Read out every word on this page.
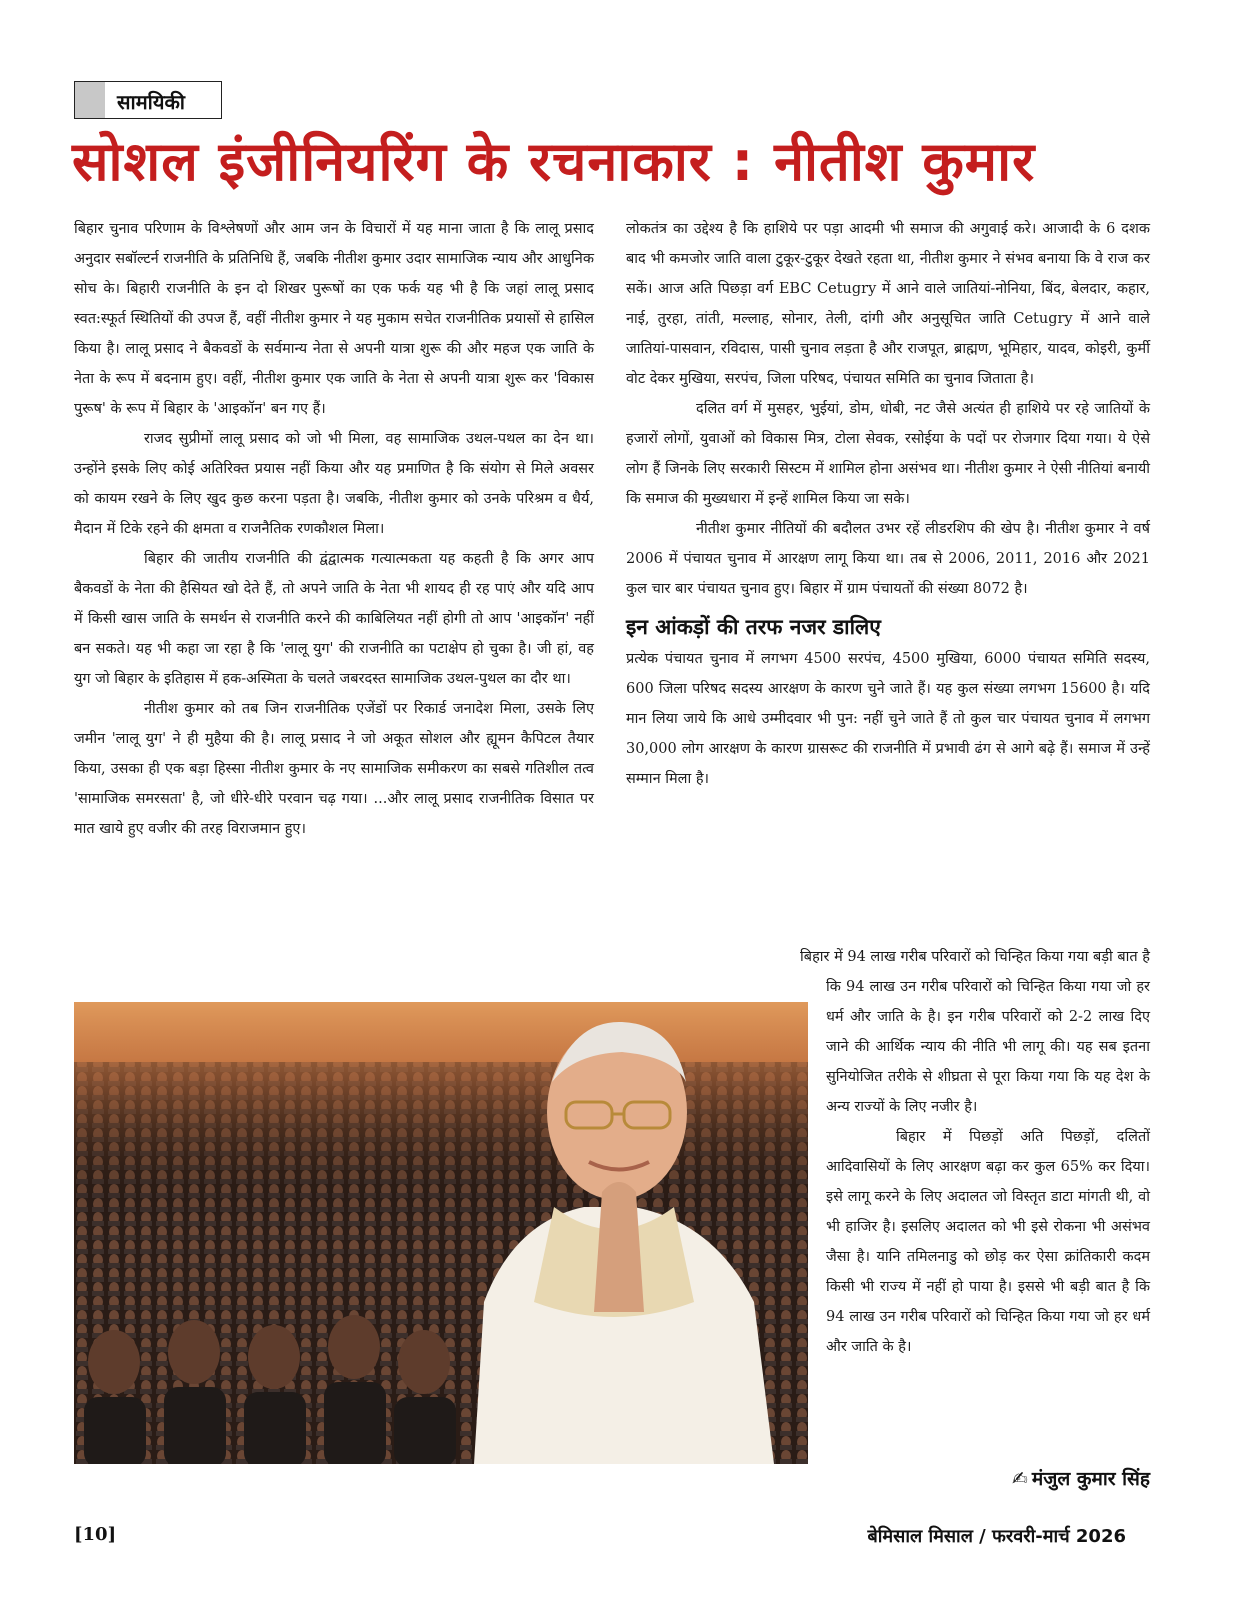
सामयिकी
सोशल इंजीनियरिंग के रचनाकार : नीतीश कुमार

बिहार चुनाव परिणाम के विश्लेषणों और आम जन के विचारों में यह माना जाता है कि लालू प्रसाद अनुदार सबॉल्टर्न राजनीति के प्रतिनिधि हैं, जबकि नीतीश कुमार उदार सामाजिक न्याय और आधुनिक सोच के। बिहारी राजनीति के इन दो शिखर पुरूषों का एक फर्क यह भी है कि जहां लालू प्रसाद स्वत:स्फूर्त स्थितियों की उपज हैं, वहीं नीतीश कुमार ने यह मुकाम सचेत राजनीतिक प्रयासों से हासिल किया है। लालू प्रसाद ने बैकवडों के सर्वमान्य नेता से अपनी यात्रा शुरू की और महज एक जाति के नेता के रूप में बदनाम हुए। वहीं, नीतीश कुमार एक जाति के नेता से अपनी यात्रा शुरू कर 'विकास पुरूष' के रूप में बिहार के 'आइकॉन' बन गए हैं।

राजद सुप्रीमों लालू प्रसाद को जो भी मिला, वह सामाजिक उथल-पथल का देन था। उन्होंने इसके लिए कोई अतिरिक्त प्रयास नहीं किया और यह प्रमाणित है कि संयोग से मिले अवसर को कायम रखने के लिए खुद कुछ करना पड़ता है। जबकि, नीतीश कुमार को उनके परिश्रम व धैर्य, मैदान में टिके रहने की क्षमता व राजनैतिक रणकौशल मिला।

बिहार की जातीय राजनीति की द्वंद्वात्मक गत्यात्मकता यह कहती है कि अगर आप बैकवडों के नेता की हैसियत खो देते हैं, तो अपने जाति के नेता भी शायद ही रह पाएं और यदि आप में किसी खास जाति के समर्थन से राजनीति करने की काबिलियत नहीं होगी तो आप 'आइकॉन' नहीं बन सकते। यह भी कहा जा रहा है कि 'लालू युग' की राजनीति का पटाक्षेप हो चुका है। जी हां, वह युग जो बिहार के इतिहास में हक-अस्मिता के चलते जबरदस्त सामाजिक उथल-पुथल का दौर था।

नीतीश कुमार को तब जिन राजनीतिक एजेंडों पर रिकार्ड जनादेश मिला, उसके लिए जमीन 'लालू युग' ने ही मुहैया की है। लालू प्रसाद ने जो अकूत सोशल और ह्यूमन कैपिटल तैयार किया, उसका ही एक बड़ा हिस्सा नीतीश कुमार के नए सामाजिक समीकरण का सबसे गतिशील तत्व 'सामाजिक समरसता' है, जो धीरे-धीरे परवान चढ़ गया। ...और लालू प्रसाद राजनीतिक विसात पर मात खाये हुए वजीर की तरह विराजमान हुए।

लोकतंत्र का उद्देश्य है कि हाशिये पर पड़ा आदमी भी समाज की अगुवाई करे। आजादी के 6 दशक बाद भी कमजोर जाति वाला टुकूर-टुकूर देखते रहता था, नीतीश कुमार ने संभव बनाया कि वे राज कर सकें। आज अति पिछड़ा वर्ग EBC Cetugry में आने वाले जातियां-नोनिया, बिंद, बेलदार, कहार, नाई, तुरहा, तांती, मल्लाह, सोनार, तेली, दांगी और अनुसूचित जाति Cetugry में आने वाले जातियां-पासवान, रविदास, पासी चुनाव लड़ता है और राजपूत, ब्राह्मण, भूमिहार, यादव, कोइरी, कुर्मी वोट देकर मुखिया, सरपंच, जिला परिषद, पंचायत समिति का चुनाव जिताता है।

दलित वर्ग में मुसहर, भुईयां, डोम, धोबी, नट जैसे अत्यंत ही हाशिये पर रहे जातियों के हजारों लोगों, युवाओं को विकास मित्र, टोला सेवक, रसोईया के पदों पर रोजगार दिया गया। ये ऐसे लोग हैं जिनके लिए सरकारी सिस्टम में शामिल होना असंभव था। नीतीश कुमार ने ऐसी नीतियां बनायी कि समाज की मुख्यधारा में इन्हें शामिल किया जा सके।

नीतीश कुमार नीतियों की बदौलत उभर रहें लीडरशिप की खेप है। नीतीश कुमार ने वर्ष 2006 में पंचायत चुनाव में आरक्षण लागू किया था। तब से 2006, 2011, 2016 और 2021 कुल चार बार पंचायत चुनाव हुए। बिहार में ग्राम पंचायतों की संख्या 8072 है।

इन आंकड़ों की तरफ नजर डालिए

प्रत्येक पंचायत चुनाव में लगभग 4500 सरपंच, 4500 मुखिया, 6000 पंचायत समिति सदस्य, 600 जिला परिषद सदस्य आरक्षण के कारण चुने जाते हैं। यह कुल संख्या लगभग 15600 है। यदि मान लिया जाये कि आधे उम्मीदवार भी पुन: नहीं चुने जाते हैं तो कुल चार पंचायत चुनाव में लगभग 30,000 लोग आरक्षण के कारण ग्रासरूट की राजनीति में प्रभावी ढंग से आगे बढ़े हैं। समाज में उन्हें सम्मान मिला है।

बिहार में 94 लाख गरीब परिवारों को चिन्हित किया गया बड़ी बात है

कि 94 लाख उन गरीब परिवारों को चिन्हित किया गया जो हर धर्म और जाति के है। इन गरीब परिवारों को 2-2 लाख दिए जाने की आर्थिक न्याय की नीति भी लागू की। यह सब इतना सुनियोजित तरीके से शीघ्रता से पूरा किया गया कि यह देश के अन्य राज्यों के लिए नजीर है।

बिहार में पिछड़ों अति पिछड़ों, दलितों आदिवासियों के लिए आरक्षण बढ़ा कर कुल 65% कर दिया। इसे लागू करने के लिए अदालत जो विस्तृत डाटा मांगती थी, वो भी हाजिर है। इसलिए अदालत को भी इसे रोकना भी असंभव जैसा है। यानि तमिलनाडु को छोड़ कर ऐसा क्रांतिकारी कदम किसी भी राज्य में नहीं हो पाया है। इससे भी बड़ी बात है कि 94 लाख उन गरीब परिवारों को चिन्हित किया गया जो हर धर्म और जाति के है।

✍ मंजुल कुमार सिंह
[10]	बेमिसाल मिसाल / फरवरी-मार्च 2026
